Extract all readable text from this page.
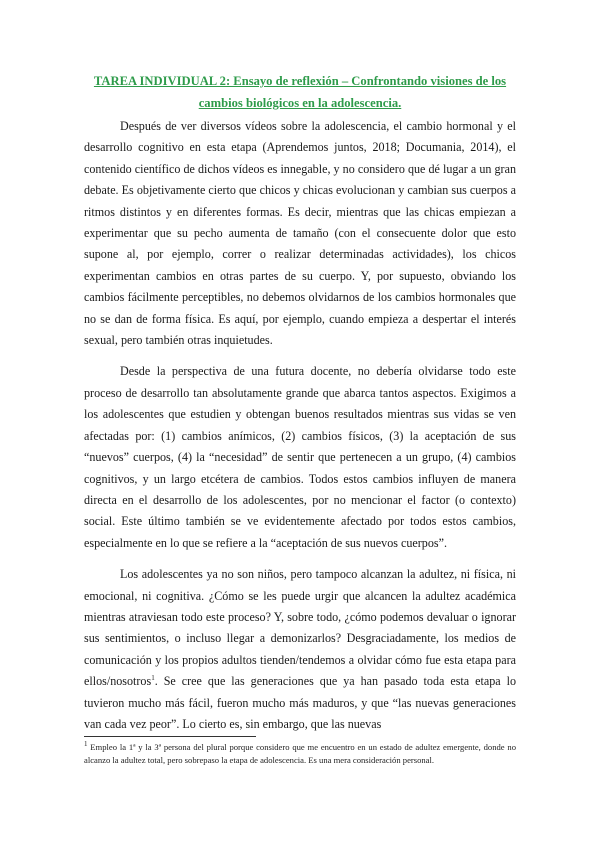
TAREA INDIVIDUAL 2: Ensayo de reflexión – Confrontando visiones de los cambios biológicos en la adolescencia.

Después de ver diversos vídeos sobre la adolescencia, el cambio hormonal y el desarrollo cognitivo en esta etapa (Aprendemos juntos, 2018; Documania, 2014), el contenido científico de dichos vídeos es innegable, y no considero que dé lugar a un gran debate. Es objetivamente cierto que chicos y chicas evolucionan y cambian sus cuerpos a ritmos distintos y en diferentes formas. Es decir, mientras que las chicas empiezan a experimentar que su pecho aumenta de tamaño (con el consecuente dolor que esto supone al, por ejemplo, correr o realizar determinadas actividades), los chicos experimentan cambios en otras partes de su cuerpo. Y, por supuesto, obviando los cambios fácilmente perceptibles, no debemos olvidarnos de los cambios hormonales que no se dan de forma física. Es aquí, por ejemplo, cuando empieza a despertar el interés sexual, pero también otras inquietudes.

Desde la perspectiva de una futura docente, no debería olvidarse todo este proceso de desarrollo tan absolutamente grande que abarca tantos aspectos. Exigimos a los adolescentes que estudien y obtengan buenos resultados mientras sus vidas se ven afectadas por: (1) cambios anímicos, (2) cambios físicos, (3) la aceptación de sus “nuevos” cuerpos, (4) la “necesidad” de sentir que pertenecen a un grupo, (4) cambios cognitivos, y un largo etcétera de cambios. Todos estos cambios influyen de manera directa en el desarrollo de los adolescentes, por no mencionar el factor (o contexto) social. Este último también se ve evidentemente afectado por todos estos cambios, especialmente en lo que se refiere a la “aceptación de sus nuevos cuerpos”.

Los adolescentes ya no son niños, pero tampoco alcanzan la adultez, ni física, ni emocional, ni cognitiva. ¿Cómo se les puede urgir que alcancen la adultez académica mientras atraviesan todo este proceso? Y, sobre todo, ¿cómo podemos devaluar o ignorar sus sentimientos, o incluso llegar a demonizarlos? Desgraciadamente, los medios de comunicación y los propios adultos tienden/tendemos a olvidar cómo fue esta etapa para ellos/nosotros$^1$. Se cree que las generaciones que ya han pasado toda esta etapa lo tuvieron mucho más fácil, fueron mucho más maduros, y que “las nuevas generaciones van cada vez peor”. Lo cierto es, sin embargo, que las nuevas

$^1$ Empleo la 1ª y la 3ª persona del plural porque considero que me encuentro en un estado de adultez emergente, donde no alcanzo la adultez total, pero sobrepaso la etapa de adolescencia. Es una mera consideración personal.
